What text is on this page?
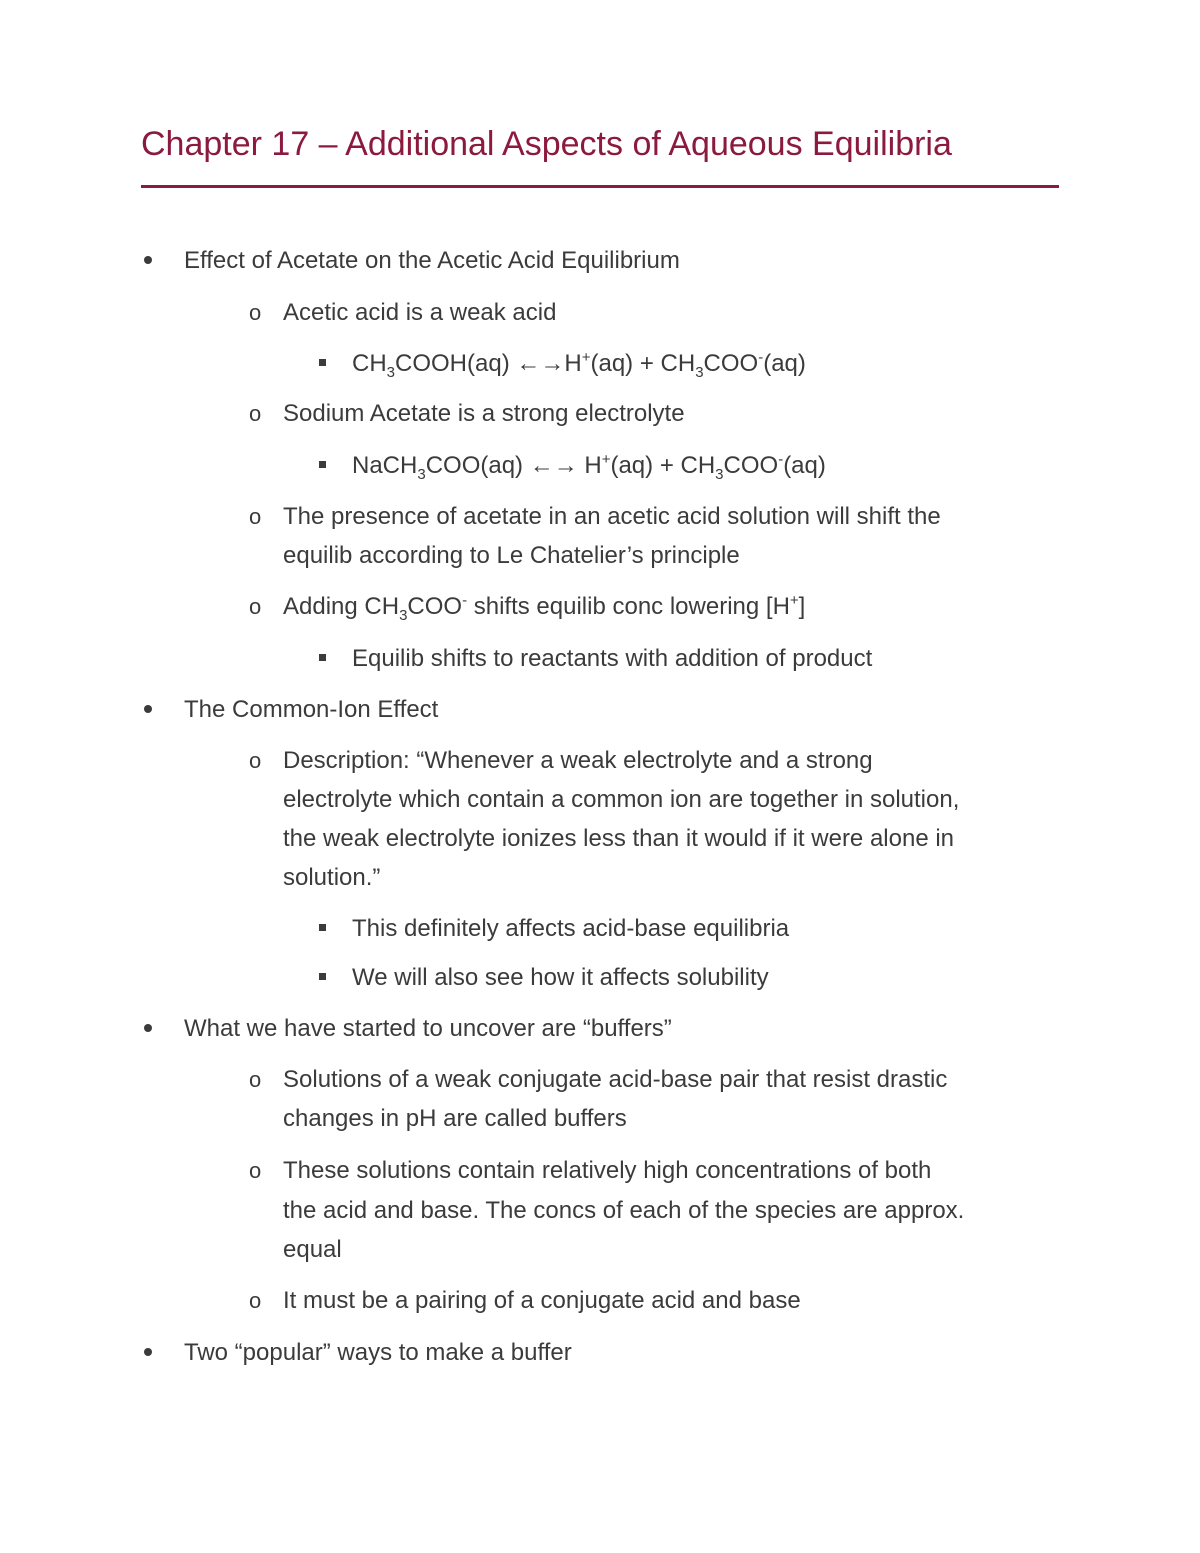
Chapter 17 – Additional Aspects of Aqueous Equilibria
Effect of Acetate on the Acetic Acid Equilibrium
o Acetic acid is a weak acid
$CH_3COOH(aq)$ ←→H+(aq) + $CH_3COO^-(aq)$
o Sodium Acetate is a strong electrolyte
NaCH$_3$COO(aq) ←→ $H^+(aq) + CH_3COO^-(aq)$
o The presence of acetate in an acetic acid solution will shift the
equilib according to Le Chatelier’s principle
o Adding $CH_3COO^-$ shifts equilib conc lowering [H+]
Equilib shifts to reactants with addition of product
The Common-Ion Effect
o Description: “Whenever a weak electrolyte and a strong
electrolyte which contain a common ion are together in solution,
the weak electrolyte ionizes less than it would if it were alone in
solution.”
This definitely affects acid-base equilibria
We will also see how it affects solubility
What we have started to uncover are “buffers”
o Solutions of a weak conjugate acid-base pair that resist drastic
changes in pH are called buffers
o These solutions contain relatively high concentrations of both
the acid and base. The concs of each of the species are approx.
equal
o It must be a pairing of a conjugate acid and base
Two “popular” ways to make a buffer
